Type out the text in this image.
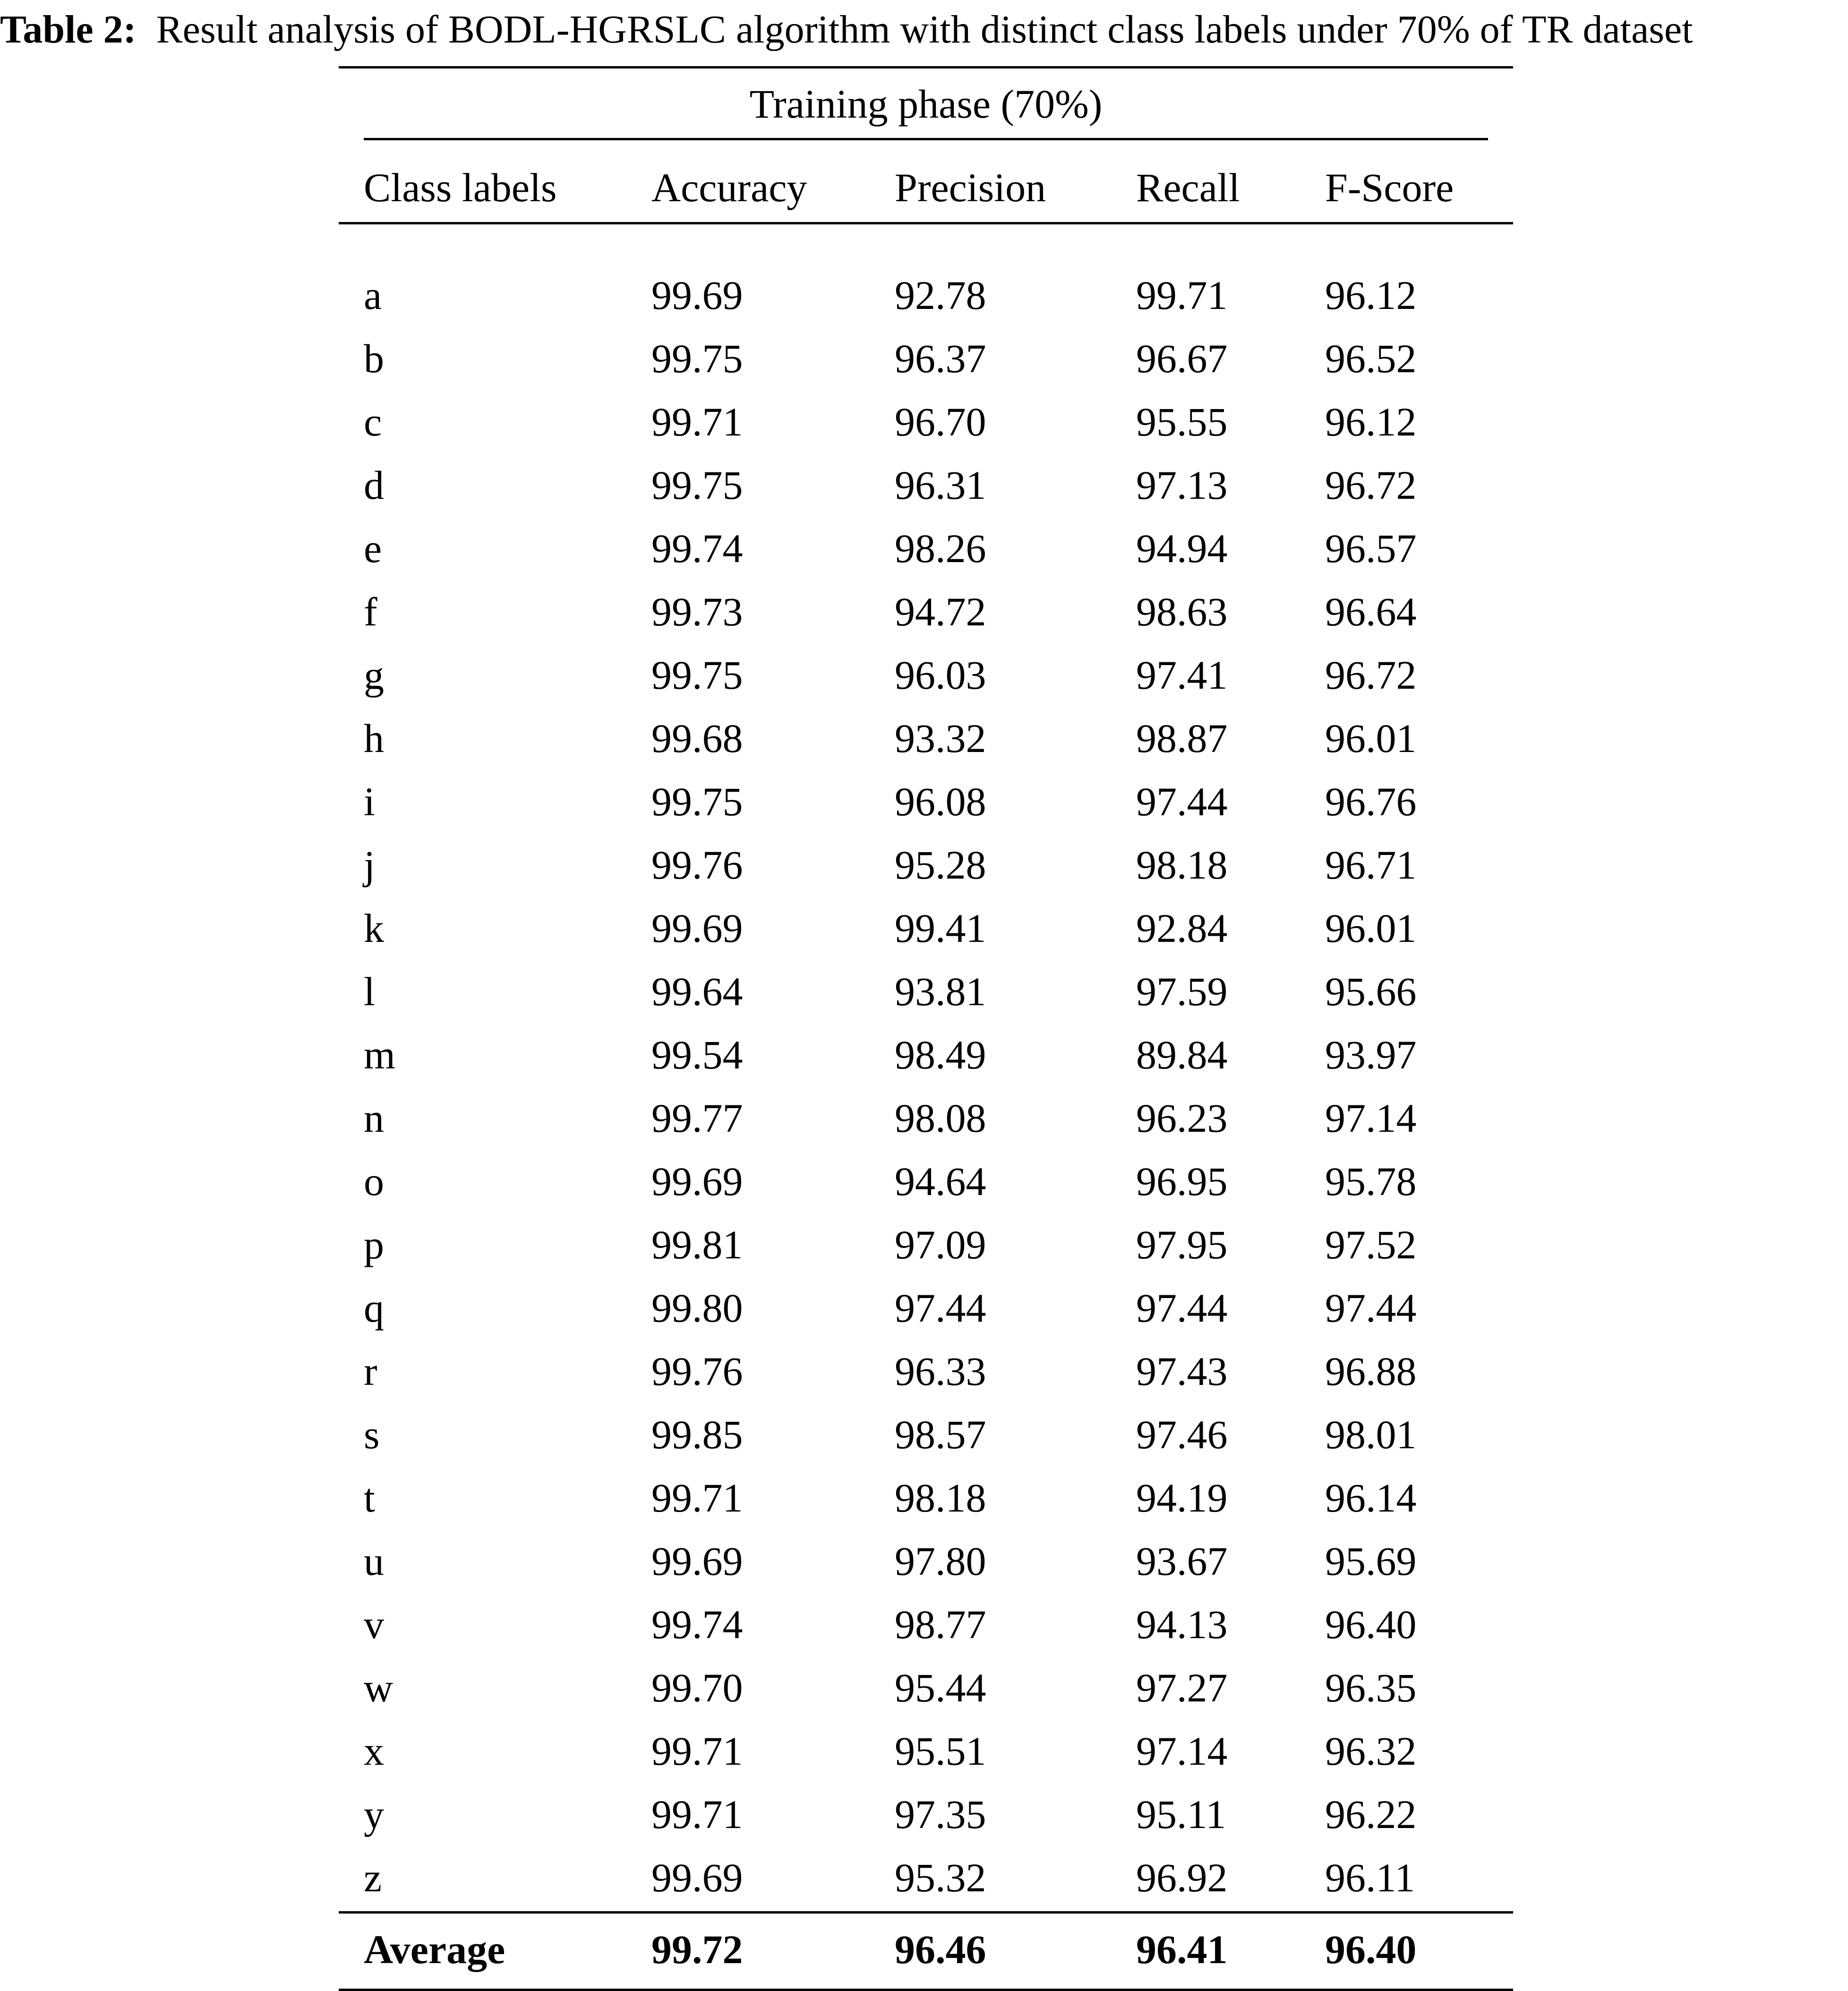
Table 2: Result analysis of BODL-HGRSLC algorithm with distinct class labels under 70% of TR dataset
Training phase (70%)
Class labels Accuracy Precision Recall F-Score
a	99.69	92.78	99.71 96.12
b	99.75	96.37	96.67 96.52
c	99.71	96.70	95.55 96.12
d	99.75	96.31	97.13 96.72
e	99.74	98.26	94.94 96.57
f	99.73	94.72	98.63 96.64
g	99.75	96.03	97.41 96.72
h	99.68	93.32	98.87 96.01
i	99.75	96.08	97.44 96.76
j	99.76	95.28	98.18 96.71
k	99.69	99.41	92.84 96.01
l	99.64	93.81	97.59 95.66
m	99.54	98.49	89.84 93.97
n	99.77	98.08	96.23 97.14
o	99.69	94.64	96.95 95.78
p	99.81	97.09	97.95 97.52
q	99.80	97.44	97.44 97.44
r	99.76	96.33	97.43 96.88
s	99.85	98.57	97.46 98.01
t	99.71	98.18	94.19 96.14
u	99.69	97.80	93.67 95.69
v	99.74	98.77	94.13 96.40
w	99.70	95.44	97.27 96.35
x	99.71	95.51	97.14 96.32
y	99.71	97.35	95.11 96.22
z	99.69	95.32	96.92 96.11
Average	99.72	96.46	96.41 96.40
